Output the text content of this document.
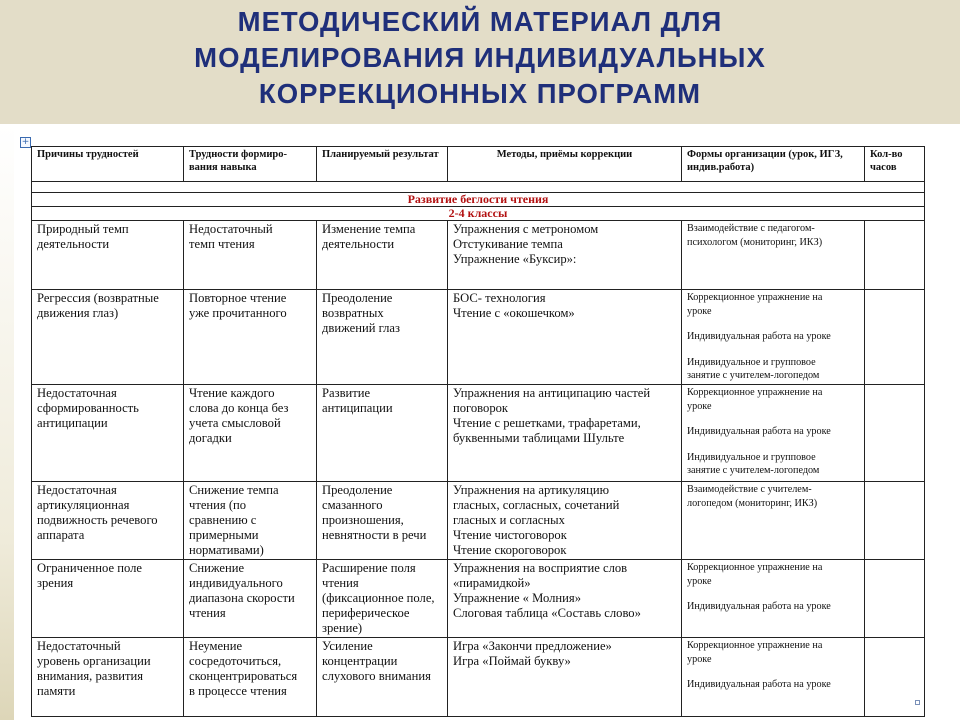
МЕТОДИЧЕСКИЙ МАТЕРИАЛ ДЛЯ
МОДЕЛИРОВАНИЯ ИНДИВИДУАЛЬНЫХ
КОРРЕКЦИОННЫХ ПРОГРАММ
+
Причины трудностей	Трудности формиро-вания навыка	Планируемый результат	Методы, приёмы коррекции	Формы организации (урок, ИГЗ, индив.работа)	Кол-во часов

Развитие беглости чтения					
2-4 классы					

Природный темп
деятельности	Недостаточный
темп чтения	Изменение темпа
деятельности	Упражнения с метрономом
Отстукивание темпа
Упражнение «Буксир»:	Взаимодействие с педагогом-
психологом (мониторинг, ИКЗ)	

Регрессия (возвратные
движения глаз)	Повторное чтение
уже прочитанного	Преодоление
возвратных
движений глаз	БОС- технология
Чтение с «окошечком»	Коррекционное упражнение на
уроке
Индивидуальная работа на уроке
Индивидуальное и групповое
занятие с учителем-логопедом	

Недостаточная
сформированность
антиципации	Чтение каждого
слова до конца без
учета смысловой
догадки	Развитие
антиципации	Упражнения на антиципацию частей
поговорок
Чтение с решетками, трафаретами,
буквенными таблицами Шульте	Коррекционное упражнение на
уроке
Индивидуальная работа на уроке
Индивидуальное и групповое
занятие с учителем-логопедом	

Недостаточная
артикуляционная
подвижность речевого
аппарата	Снижение темпа
чтения (по
сравнению с
примерными
нормативами)	Преодоление
смазанного
произношения,
невнятности в речи	Упражнения на артикуляцию
гласных, согласных, сочетаний
гласных и согласных
Чтение чистоговорок
Чтение скороговорок	Взаимодействие с учителем-
логопедом (мониторинг, ИКЗ)	

Ограниченное поле
зрения	Снижение
индивидуального
диапазона скорости
чтения	Расширение поля
чтения
(фиксационное поле,
периферическое
зрение)	Упражнения на восприятие слов
«пирамидкой»
Упражнение « Молния»
Слоговая таблица «Составь слово»	Коррекционное упражнение на
уроке
Индивидуальная работа на уроке	

Недостаточный
уровень организации
внимания, развития
памяти	Неумение
сосредоточиться,
сконцентрироваться
в процессе чтения	Усиление
концентрации
слухового внимания	Игра «Закончи предложение»
Игра «Поймай букву»	Коррекционное упражнение на
уроке
Индивидуальная работа на уроке	
